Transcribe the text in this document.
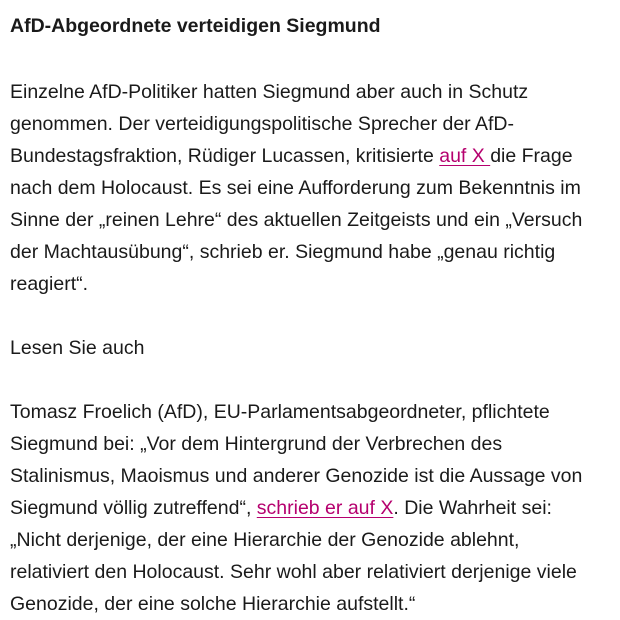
AfD-Abgeordnete verteidigen Siegmund

Einzelne AfD-Politiker hatten Siegmund aber auch in Schutz
genommen. Der verteidigungspolitische Sprecher der AfD-
Bundestagsfraktion, Rüdiger Lucassen, kritisierte auf X die Frage
nach dem Holocaust. Es sei eine Aufforderung zum Bekenntnis im
Sinne der „reinen Lehre“ des aktuellen Zeitgeists und ein „Versuch
der Machtausübung“, schrieb er. Siegmund habe „genau richtig
reagiert“.

Lesen Sie auch

Tomasz Froelich (AfD), EU-Parlamentsabgeordneter, pflichtete
Siegmund bei: „Vor dem Hintergrund der Verbrechen des
Stalinismus, Maoismus und anderer Genozide ist die Aussage von
Siegmund völlig zutreffend“, schrieb er auf X. Die Wahrheit sei:
„Nicht derjenige, der eine Hierarchie der Genozide ablehnt,
relativiert den Holocaust. Sehr wohl aber relativiert derjenige viele
Genozide, der eine solche Hierarchie aufstellt.“
